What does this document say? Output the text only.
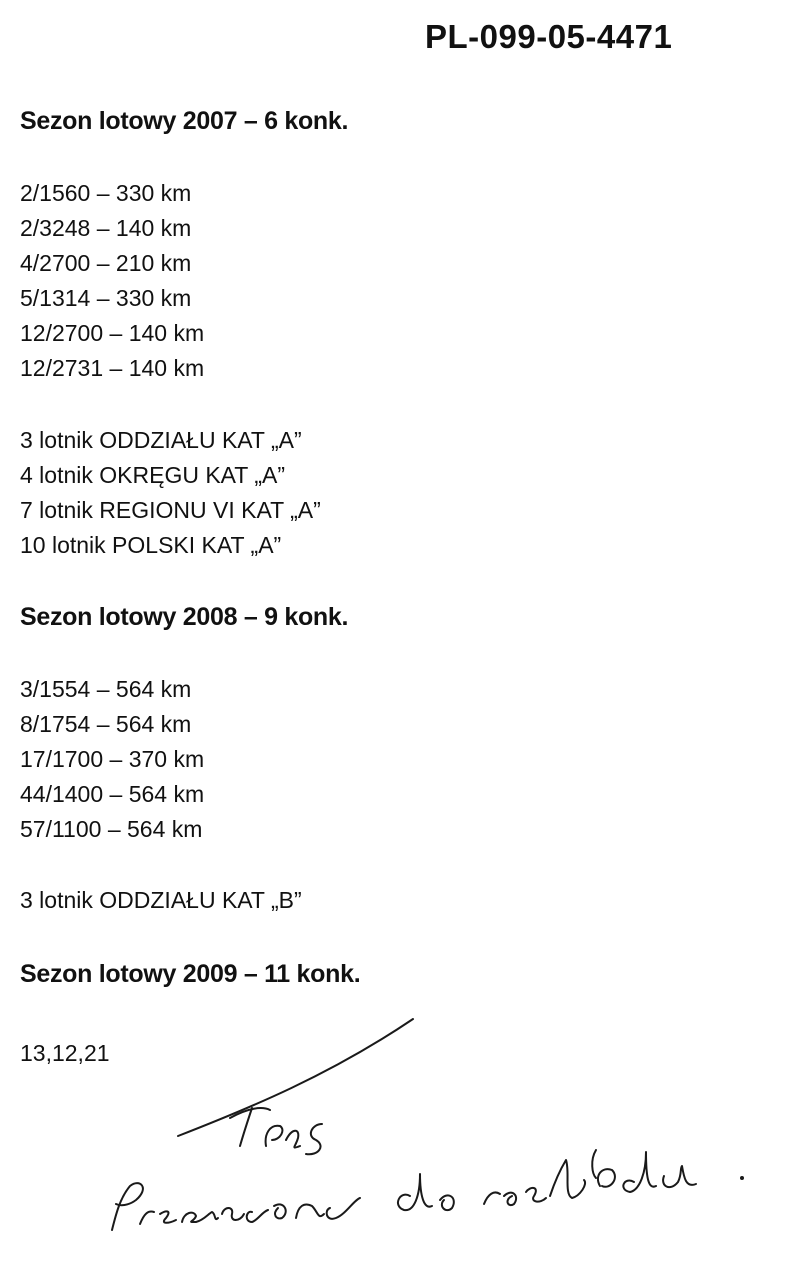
PL-099-05-4471
Sezon lotowy 2007 – 6 konk.
2/1560 – 330 km
2/3248 – 140 km
4/2700 – 210 km
5/1314 – 330 km
12/2700 – 140 km
12/2731 – 140 km
3 lotnik ODDZIAŁU KAT „A”
4 lotnik OKRĘGU KAT „A”
7 lotnik REGIONU VI KAT „A”
10 lotnik POLSKI KAT „A”
Sezon lotowy 2008 – 9 konk.
3/1554 – 564 km
8/1754 – 564 km
17/1700 – 370 km
44/1400 – 564 km
57/1100 – 564 km
3 lotnik ODDZIAŁU KAT „B”
Sezon lotowy 2009 – 11 konk.
13,12,21
